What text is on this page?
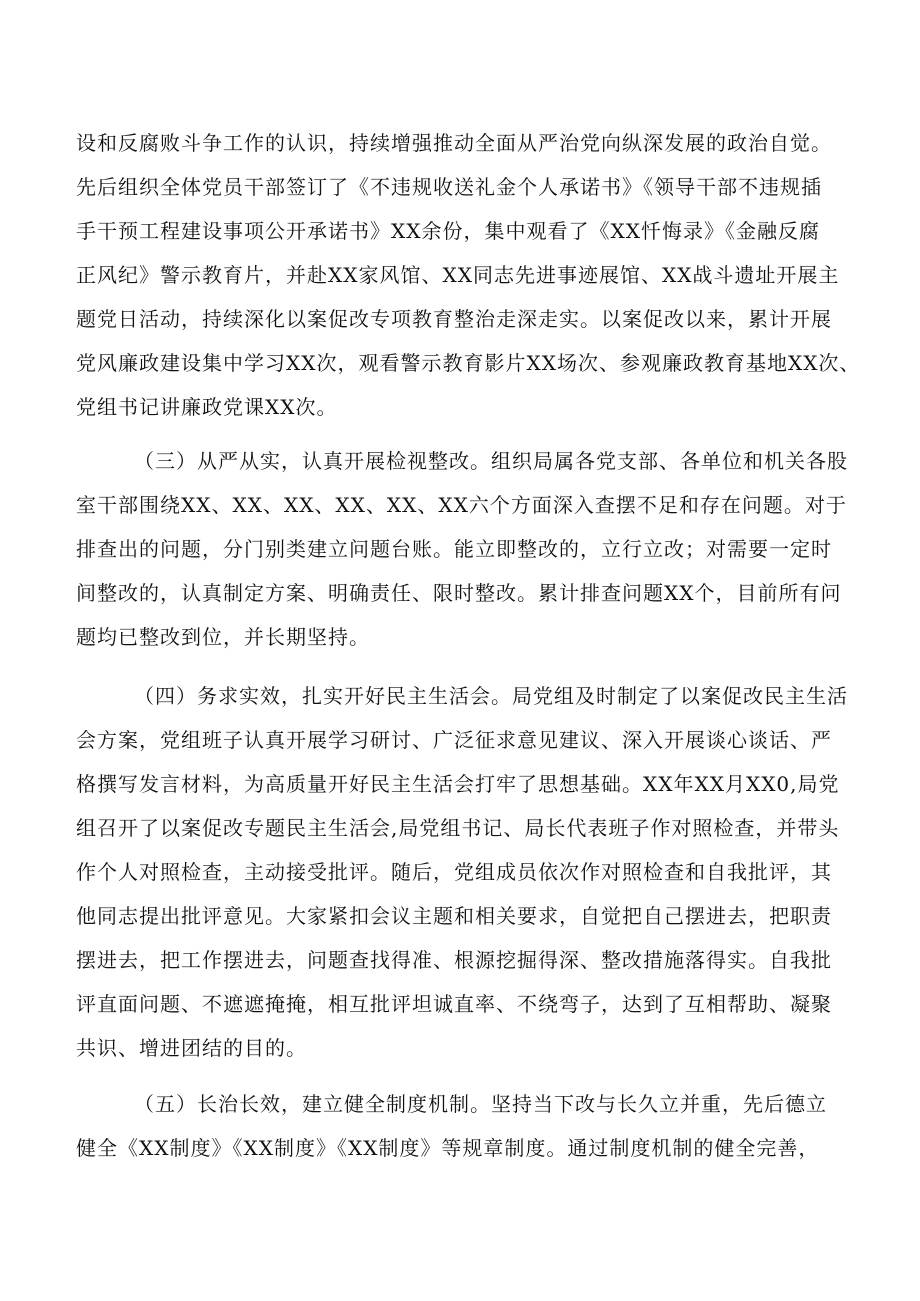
设和反腐败斗争工作的认识，持续增强推动全面从严治党向纵深发展的政治自觉。
先后组织全体党员干部签订了《不违规收送礼金个人承诺书》《领导干部不违规插
手干预工程建设事项公开承诺书》XX余份，集中观看了《XX忏悔录》《金融反腐
正风纪》警示教育片，并赴XX家风馆、XX同志先进事迹展馆、XX战斗遗址开展主
题党日活动，持续深化以案促改专项教育整治走深走实。以案促改以来，累计开展
党风廉政建设集中学习XX次，观看警示教育影片XX场次、参观廉政教育基地XX次、
党组书记讲廉政党课XX次。
（三）从严从实，认真开展检视整改。组织局属各党支部、各单位和机关各股
室干部围绕XX、XX、XX、XX、XX、XX六个方面深入查摆不足和存在问题。对于
排查出的问题，分门别类建立问题台账。能立即整改的，立行立改；对需要一定时
间整改的，认真制定方案、明确责任、限时整改。累计排查问题XX个，目前所有问
题均已整改到位，并长期坚持。
（四）务求实效，扎实开好民主生活会。局党组及时制定了以案促改民主生活
会方案，党组班子认真开展学习研讨、广泛征求意见建议、深入开展谈心谈话、严
格撰写发言材料，为高质量开好民主生活会打牢了思想基础。XX年XX月XX0,局党
组召开了以案促改专题民主生活会,局党组书记、局长代表班子作对照检查，并带头
作个人对照检查，主动接受批评。随后，党组成员依次作对照检查和自我批评，其
他同志提出批评意见。大家紧扣会议主题和相关要求，自觉把自己摆进去，把职责
摆进去，把工作摆进去，问题查找得准、根源挖掘得深、整改措施落得实。自我批
评直面问题、不遮遮掩掩，相互批评坦诚直率、不绕弯子，达到了互相帮助、凝聚
共识、增进团结的目的。
（五）长治长效，建立健全制度机制。坚持当下改与长久立并重，先后德立
健全《XX制度》《XX制度》《XX制度》等规章制度。通过制度机制的健全完善，
